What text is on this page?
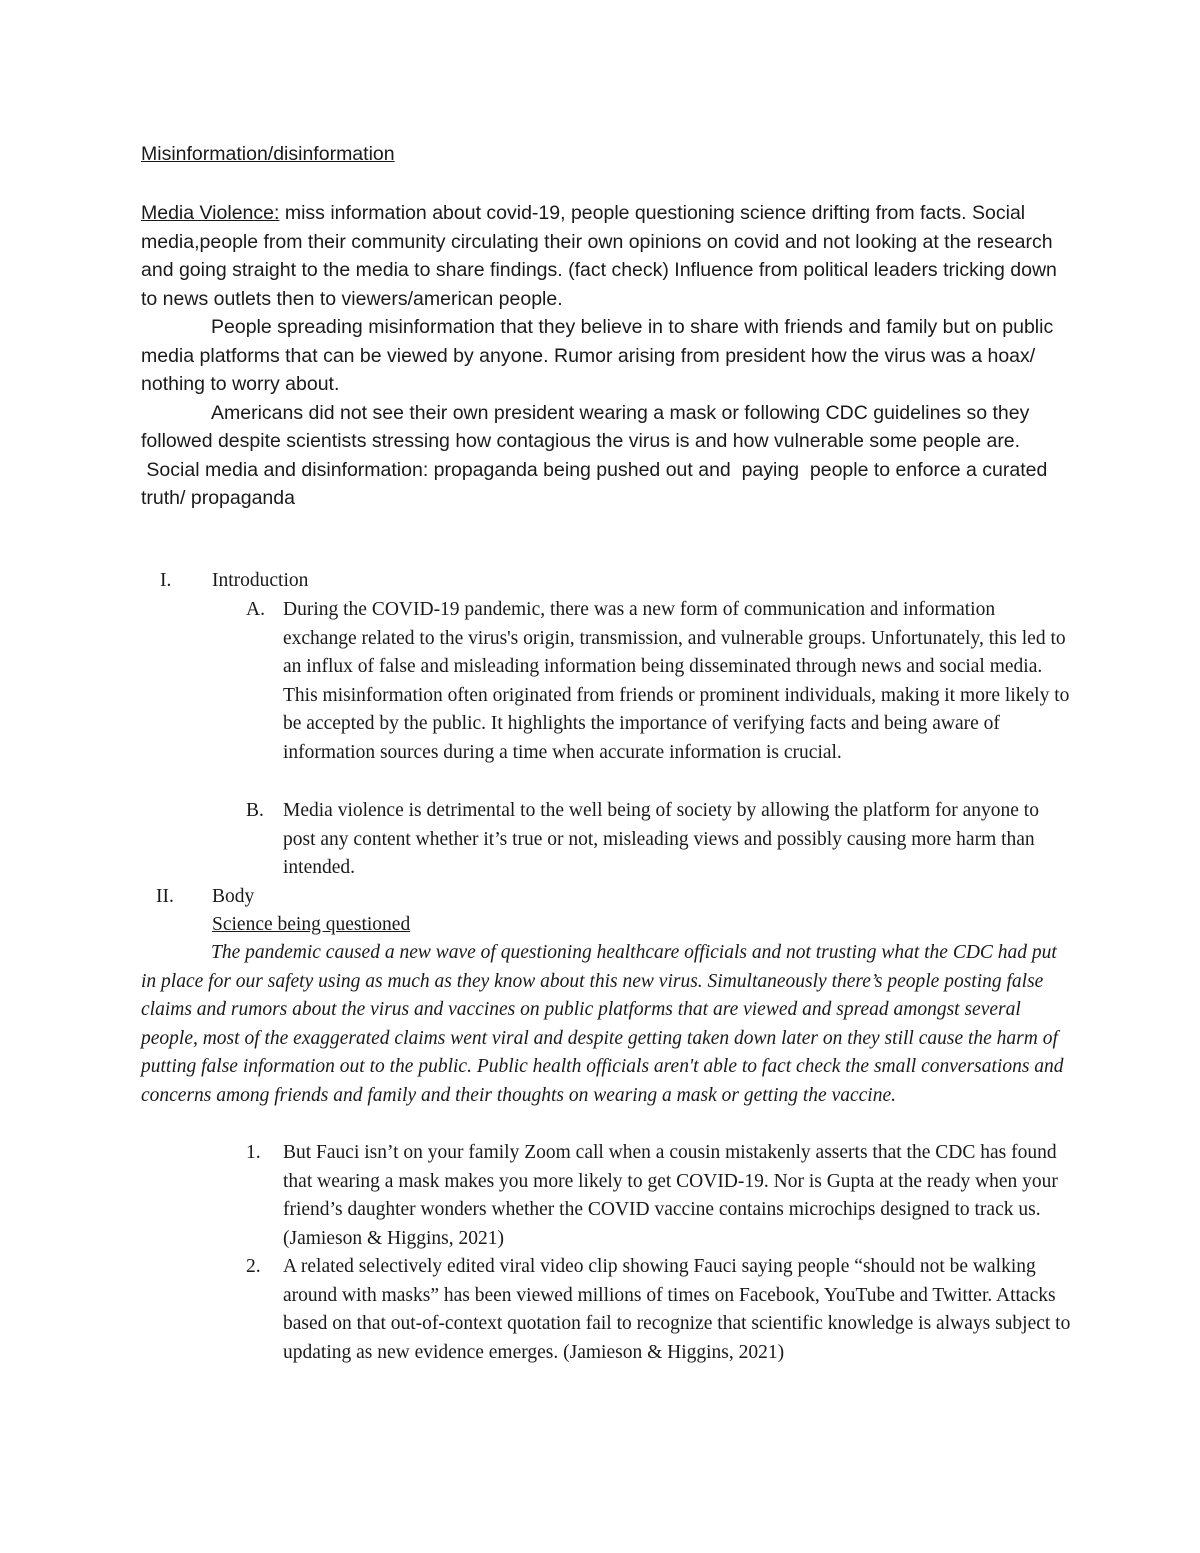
Misinformation/disinformation

Media Violence: miss information about covid-19, people questioning science drifting from facts. Social media,people from their community circulating their own opinions on covid and not looking at the research and going straight to the media to share findings. (fact check) Influence from political leaders tricking down to news outlets then to viewers/american people.

People spreading misinformation that they believe in to share with friends and family but on public media platforms that can be viewed by anyone. Rumor arising from president how the virus was a hoax/ nothing to worry about.

Americans did not see their own president wearing a mask or following CDC guidelines so they followed despite scientists stressing how contagious the virus is and how vulnerable some people are.

Social media and disinformation: propaganda being pushed out and  paying  people to enforce a curated truth/ propaganda

I. Introduction
A. During the COVID-19 pandemic, there was a new form of communication and information exchange related to the virus's origin, transmission, and vulnerable groups. Unfortunately, this led to an influx of false and misleading information being disseminated through news and social media. This misinformation often originated from friends or prominent individuals, making it more likely to be accepted by the public. It highlights the importance of verifying facts and being aware of information sources during a time when accurate information is crucial.

B. Media violence is detrimental to the well being of society by allowing the platform for anyone to post any content whether it’s true or not, misleading views and possibly causing more harm than intended.

II. Body
Science being questioned

The pandemic caused a new wave of questioning healthcare officials and not trusting what the CDC had put in place for our safety using as much as they know about this new virus. Simultaneously there’s people posting false claims and rumors about the virus and vaccines on public platforms that are viewed and spread amongst several people, most of the exaggerated claims went viral and despite getting taken down later on they still cause the harm of putting false information out to the public. Public health officials aren't able to fact check the small conversations and concerns among friends and family and their thoughts on wearing a mask or getting the vaccine.

1. But Fauci isn’t on your family Zoom call when a cousin mistakenly asserts that the CDC has found that wearing a mask makes you more likely to get COVID-19. Nor is Gupta at the ready when your friend’s daughter wonders whether the COVID vaccine contains microchips designed to track us. (Jamieson & Higgins, 2021)

2. A related selectively edited viral video clip showing Fauci saying people “should not be walking around with masks” has been viewed millions of times on Facebook, YouTube and Twitter. Attacks based on that out-of-context quotation fail to recognize that scientific knowledge is always subject to updating as new evidence emerges. (Jamieson & Higgins, 2021)
